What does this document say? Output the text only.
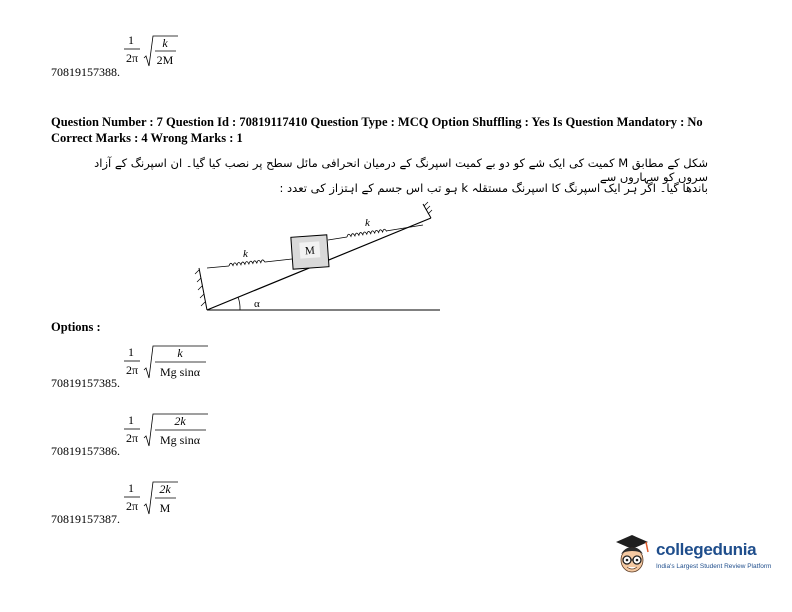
1
2π
k
2M
70819157388.
Question Number : 7 Question Id : 70819117410 Question Type : MCQ Option Shuffling : Yes Is Question Mandatory : No
Correct Marks : 4 Wrong Marks : 1
شکل کے مطابق M کمیت کی ایک شے کو دو بے کمیت اسپرنگ کے درمیان انحرافی مائل سطح پر نصب کیا گیا۔ ان اسپرنگ کے آزاد سروں کو سہاروں سے
باندھا گیا۔ اگر ہر ایک اسپرنگ کا اسپرنگ مستقلہ k ہو تب اس جسم کے اہتزاز کی تعدد :
k	M
k
α
Options :
1
2π
k
Mg sinα
70819157385.
1
2π
2k
Mg sinα
70819157386.
1
2π
2k
M
70819157387.
collegedunia
India's Largest Student Review Platform
